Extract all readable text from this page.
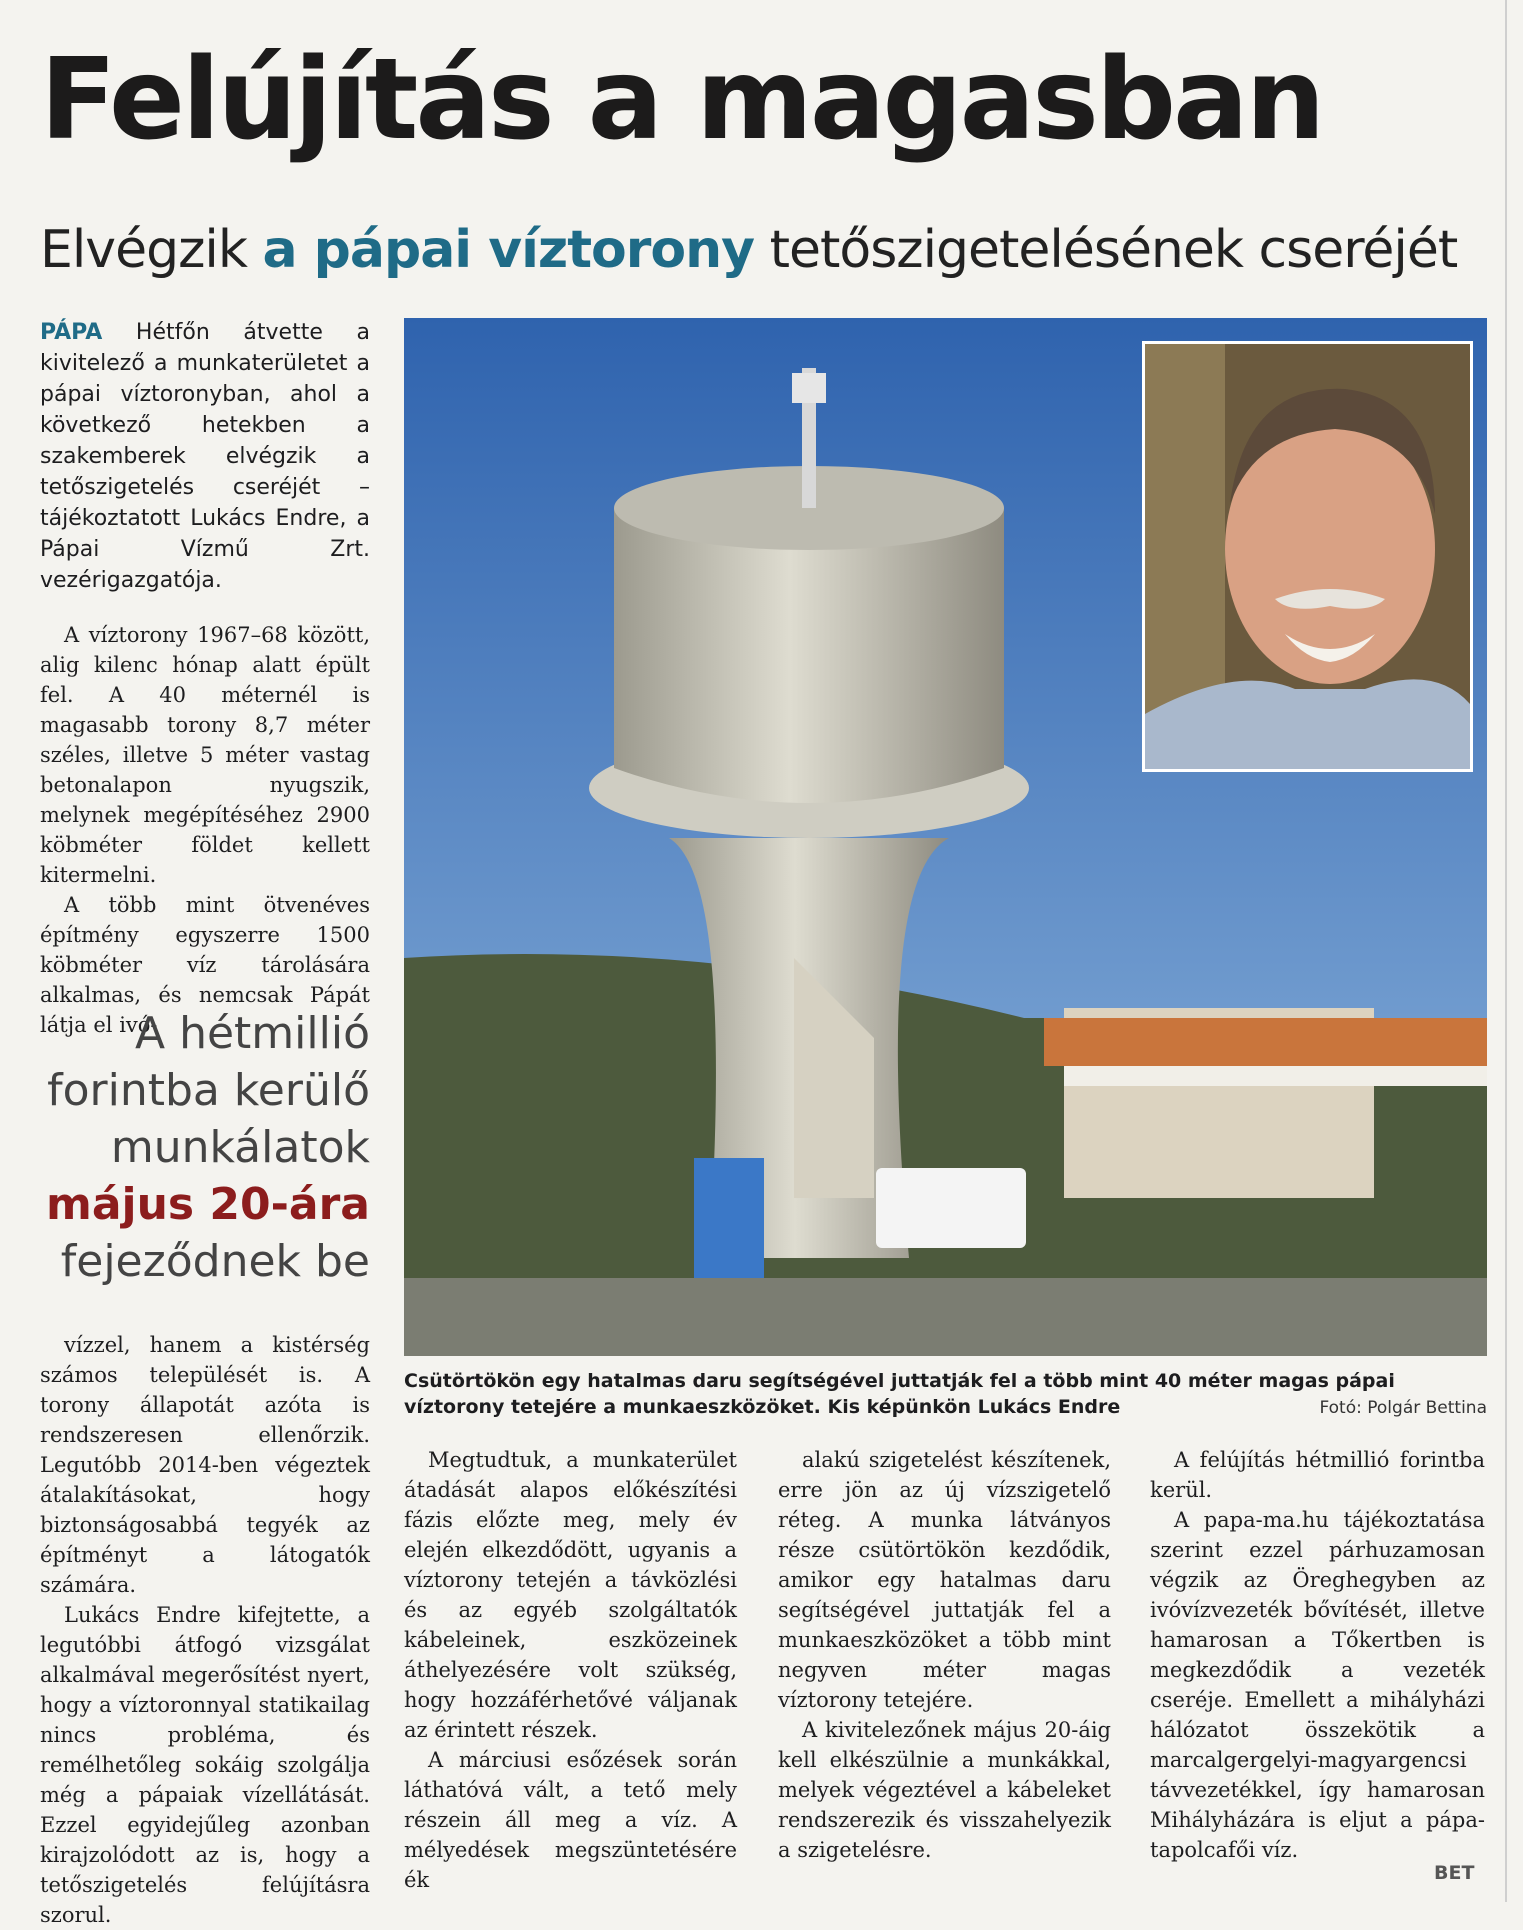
Felújítás a magasban
Elvégzik a pápai víztorony tetőszigetelésének cseréjét
PÁPA Hétfőn átvette a kivitelező a munkaterületet a pápai víztoronyban, ahol a következő hetekben a szakemberek elvégzik a tetőszigetelés cseréjét – tájékoztatott Lukács Endre, a Pápai Vízmű Zrt. vezérigazgatója.

A víztorony 1967–68 között, alig kilenc hónap alatt épült fel. A 40 méternél is magasabb torony 8,7 méter széles, illetve 5 méter vastag betonalapon nyugszik, melynek megépítéséhez 2900 köbméter földet kellett kitermelni.

A több mint ötvenéves építmény egyszerre 1500 köbméter víz tárolására alkalmas, és nemcsak Pápát látja el ivó-

A hétmillió
forintba kerülő
munkálatok
május 20-ára
fejeződnek be

vízzel, hanem a kistérség számos települését is. A torony állapotát azóta is rendszeresen ellenőrzik. Legutóbb 2014-ben végeztek átalakításokat, hogy biztonságosabbá tegyék az építményt a látogatók számára.

Lukács Endre kifejtette, a legutóbbi átfogó vizsgálat alkalmával megerősítést nyert, hogy a víztoronnyal statikailag nincs probléma, és remélhetőleg sokáig szolgálja még a pápaiak vízellátását. Ezzel egyidejűleg azonban kirajzolódott az is, hogy a tetőszigetelés felújításra szorul.

Csütörtökön egy hatalmas daru segítségével juttatják fel a több mint 40 méter magas pápai víztorony tetejére a munkaeszközöket. Kis képünkön Lukács Endre	Fotó: Polgár Bettina

Megtudtuk, a munkaterület átadását alapos előkészítési fázis előzte meg, mely év elején elkezdődött, ugyanis a víztorony tetején a távközlési és az egyéb szolgáltatók kábeleinek, eszközeinek áthelyezésére volt szükség, hogy hozzáférhetővé váljanak az érintett részek.

A márciusi esőzések során láthatóvá vált, a tető mely részein áll meg a víz. A mélyedések megszüntetésére ék

alakú szigetelést készítenek, erre jön az új vízszigetelő réteg. A munka látványos része csütörtökön kezdődik, amikor egy hatalmas daru segítségével juttatják fel a munkaeszközöket a több mint negyven méter magas víztorony tetejére.

A kivitelezőnek május 20-áig kell elkészülnie a munkákkal, melyek végeztével a kábeleket rendszerezik és visszahelyezik a szigetelésre.

A felújítás hétmillió forintba kerül.

A papa-ma.hu tájékoztatása szerint ezzel párhuzamosan végzik az Öreghegyben az ivóvízvezeték bővítését, illetve hamarosan a Tőkertben is megkezdődik a vezeték cseréje. Emellett a mihályházi hálózatot összekötik a marcalgergelyi-magyargencsi távvezetékkel, így hamarosan Mihályházára is eljut a pápa-tapolcafői víz.

BET
